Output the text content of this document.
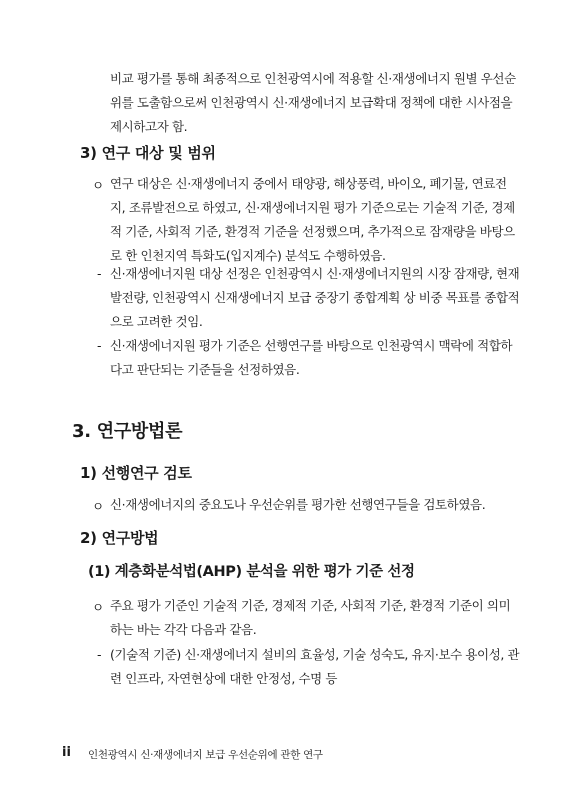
비교 평가를 통해 최종적으로 인천광역시에 적용할 신·재생에너지 원별 우선순위를 도출함으로써 인천광역시 신·재생에너지 보급확대 정책에 대한 시사점을 제시하고자 함.

3) 연구 대상 및 범위
ㅇ 연구 대상은 신·재생에너지 중에서 태양광, 해상풍력, 바이오, 폐기물, 연료전지, 조류발전으로 하였고, 신·재생에너지원 평가 기준으로는 기술적 기준, 경제적 기준, 사회적 기준, 환경적 기준을 선정했으며, 추가적으로 잠재량을 바탕으로 한 인천지역 특화도(입지계수) 분석도 수행하였음.

- 신·재생에너지원 대상 선정은 인천광역시 신·재생에너지원의 시장 잠재량, 현재 발전량, 인천광역시 신재생에너지 보급 중장기 종합계획 상 비중 목표를 종합적으로 고려한 것임.

- 신·재생에너지원 평가 기준은 선행연구를 바탕으로 인천광역시 맥락에 적합하다고 판단되는 기준들을 선정하였음.

3. 연구방법론
1) 선행연구 검토
ㅇ 신·재생에너지의 중요도나 우선순위를 평가한 선행연구들을 검토하였음.

2) 연구방법
(1) 계층화분석법(AHP) 분석을 위한 평가 기준 선정
ㅇ 주요 평가 기준인 기술적 기준, 경제적 기준, 사회적 기준, 환경적 기준이 의미하는 바는 각각 다음과 같음.

- (기술적 기준) 신·재생에너지 설비의 효율성, 기술 성숙도, 유지·보수 용이성, 관련 인프라, 자연현상에 대한 안정성, 수명 등

ii 인천광역시 신·재생에너지 보급 우선순위에 관한 연구
